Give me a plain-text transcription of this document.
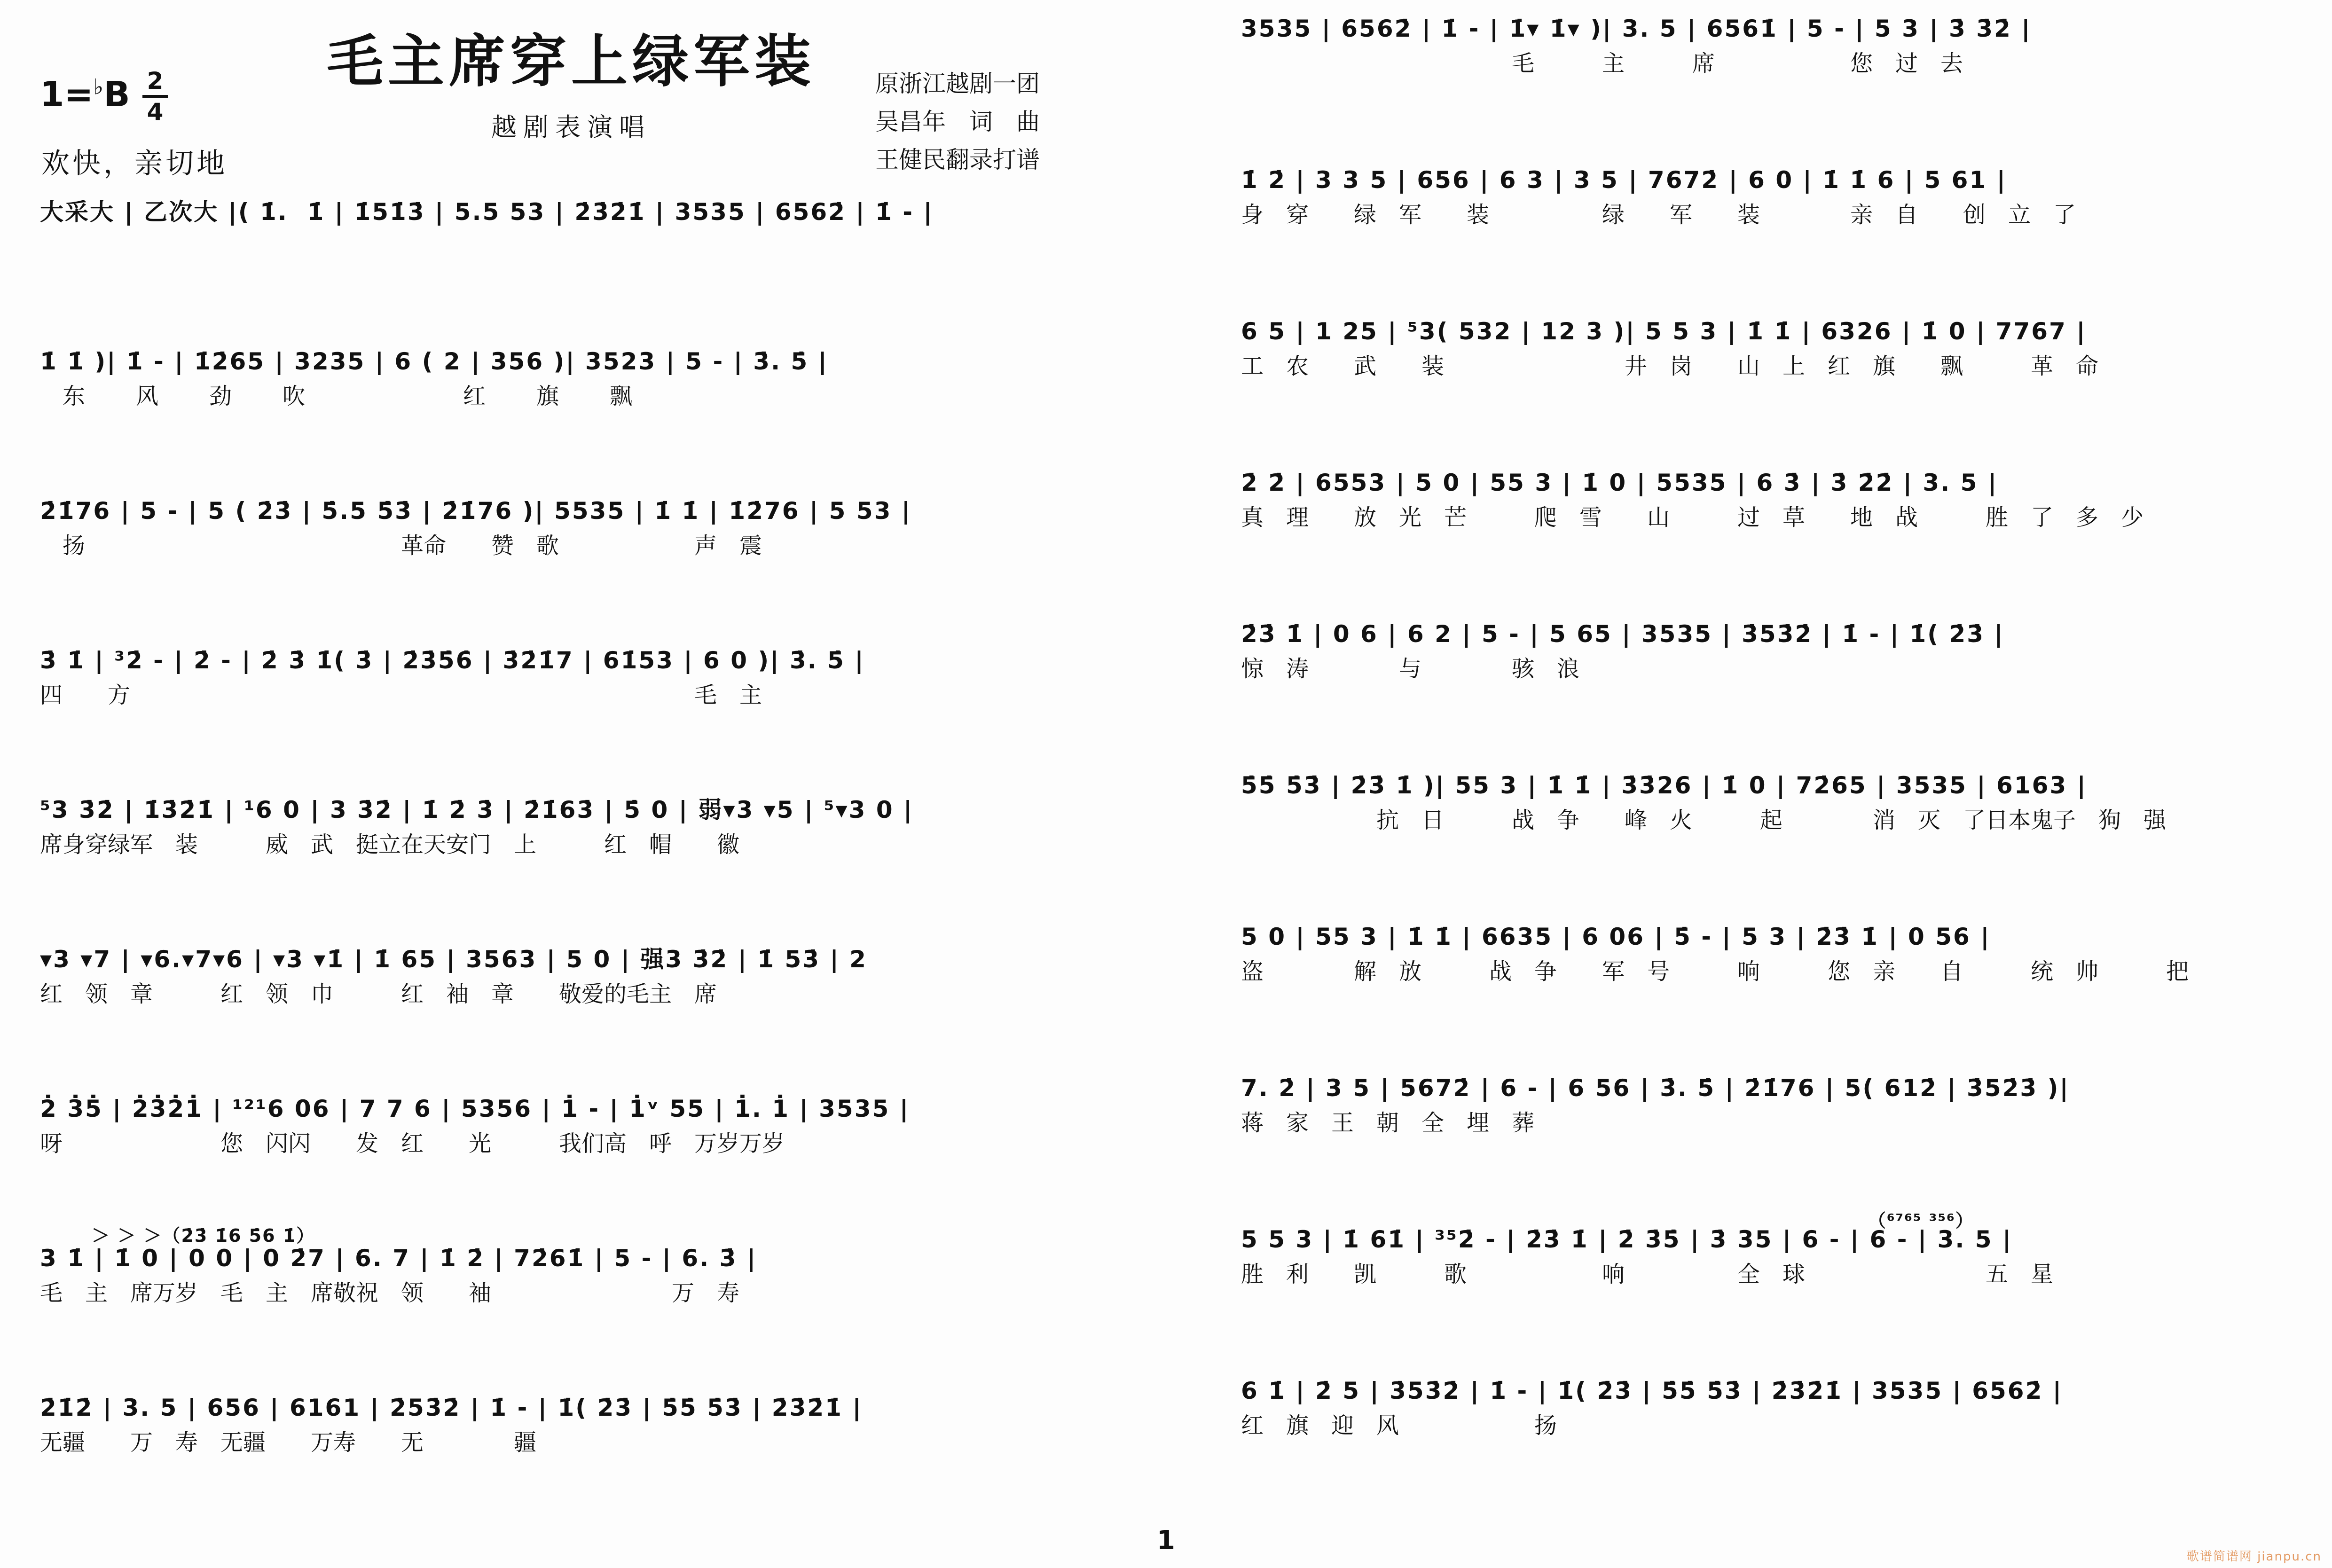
$1=^♭B \frac{2}{4}$
欢快，亲切地
毛主席穿上绿军装
越剧表演唱
原浙江越剧一团
吴昌年　词　曲
王健民翻录打谱
大采大 | 乙次大 |( 1̇.  1̇ | 1̇51̇3̇ | 5.5 53 | 2̇3̇2̇1̇ | 3535 | 6562̇ | 1̇ - |
1̇ 1̇ )| 1̇ - | 1̇2̇65 | 3235 | 6 ( 2 | 356 )| 3523 | 5 - | 3̇. 5̇ |
　东　　 风　　 劲　　 吹　　　　　　　红　　 旗　　 飘
2̇1̇76 | 5 - | 5 ( 2̇3̇ | 5̇.5 5̇3̇ | 2̇1̇76 )| 5535 | 1̇ 1̇ | 1̇2̇76 | 5 53 |
　扬　　　　　　　　　　　　　　革命　　赞　歌　　　　　　声　震
3̇ 1̇ | ³2̇ - | 2̇ - | 2̇ 3̇ 1̇( 3̇ | 2̇3̇5̇6̇ | 3̇2̇1̇7 | 61̇53 | 6 0 )| 3̇. 5̇ |
四　　方　　　　　　　　　　　　　　　　　　　　　　　　　毛　主
⁵3 3̇2̇ | 1̇3̇2̇1̇ | ¹6 0 | 3 3̇2̇ | 1̇ 2̇ 3̇ | 2̇1̇63̇ | 5̇ 0 | 弱▾3 ▾5 | ⁵▾3 0 |
席身穿绿军　装　　　威　武　挺立在天安门　上　　　红　帽　　徽
▾3 ▾7 | ▾6.▾7▾6 | ▾3 ▾1̇ | 1̇ 65 | 3563 | 5 0 | 强3 3̇2̇ | 1̇ 53̇ | 2
红　领　章　　　红　领　巾　　　红　袖　章　　敬爱的毛主　席
2̇ 3̇5̇ | 2̇3̇2̇1̇ | ¹²¹6 06 | 7 7 6 | 5356 | 1̇ - | 1̇ᵛ 55 | 1̇. 1̇ | 3535 |
呀　　　　　　　您　闪闪　　发　红　　光　　　我们高　呼　万岁万岁
＞ ＞ ＞（2̇3̇ 1̇6 5̇6 1̇）
3 1̇ | 1̇ 0 | 0 0 | 0 2̇7 | 6. 7 | 1̇ 2̇ | 72̇61̇ | 5 - | 6. 3̇ |
毛　主　席万岁　毛　主　席敬祝　领　　袖　　　　　　　　万　寿
2̇1̇2̇ | 3. 5 | 656 | 6161 | 2̇53̇2̇ | 1̇ - | 1̇( 2̇3̇ | 5̇5̇ 5̇3̇ | 2̇3̇2̇1̇ |
无疆　　万　寿　无疆　　万寿　　无　　　　疆
3535 | 6562̇ | 1̇ - | 1̇▾ 1̇▾ )| 3. 5 | 6561̇ | 5 - | 5 3 | 3̇ 3̇2̇ |
　　　　　　　　　　　　毛　　　主　　　席　　　　　　您　过　去
1̇ 2̇ | 3 3 5 | 656 | 6 3 | 3 5 | 7672̇ | 6 0 | 1̇ 1̇ 6 | 5 61 |
身　穿　　绿　军　　装　　　　　绿　　军　　装　　　　亲　自　　创　立　了
6 5 | 1 25 | ⁵3( 532 | 12 3 )| 5 5 3 | 1̇ 1̇ | 6326 | 1̇ 0 | 7767 |
工　农　　武　　装　　　　　　　　井　岗　　山　上　红　旗　　飘　　　革　命
2̇ 2̇ | 6553 | 5 0 | 55 3 | 1̇ 0 | 5535 | 6 3̇ | 3̇ 2̇2̇ | 3. 5 |
真　理　　放　光　芒　　　爬　雪　　山　　　过　草　　地　战　　　胜　了　多　少
2̇3̇ 1̇ | 0 6 | 6 2 | 5 - | 5 65 | 3535 | 3̇53̇2̇ | 1̇ - | 1̇( 2̇3̇ |
惊　涛　　　　与　　　　骇　浪
5̇5̇ 5̇3̇ | 2̇3̇ 1̇ )| 55 3 | 1̇ 1̇ | 3̇3̇26 | 1̇ 0 | 72̇65 | 3535 | 6163 |
　　　　　　抗　日　　　战　争　　峰　火　　　起　　　　消　灭　了日本鬼子　狗　强
5 0 | 55 3 | 1̇ 1̇ | 6635 | 6 06 | 5̇ - | 5 3 | 2̇3̇ 1̇ | 0 56 |
盗　　　　解　放　　　战　争　　军　号　　　响　　　您　亲　　自　　　统　帅　　　把
7. 2̇ | 3 5 | 5672̇ | 6 - | 6 56 | 3̇. 5̇ | 2̇1̇76 | 5( 612̇ | 3̇52̇3̇ )|
蒋　家　王　朝　全　埋　葬
（⁶⁷⁶⁵ ³⁵⁶）
5 5 3 | 1̇ 61̇ | ³⁵2̇ - | 2̇3̇ 1̇ | 2̇ 3̇5̇ | 3̇ 35 | 6 - | 6 - | 3. 5 |
胜　利　　凯　　　歌　　　　　　响　　　　　全　球　　　　　　　　五　星
6 1̇ | 2̇ 5 | 3̇53̇2̇ | 1̇ - | 1̇( 2̇3̇ | 5̇5̇ 5̇3̇ | 2̇3̇2̇1̇ | 3535 | 6562̇ |
红　旗　迎　风　　　　　　扬
1
歌谱简谱网 jianpu.cn
